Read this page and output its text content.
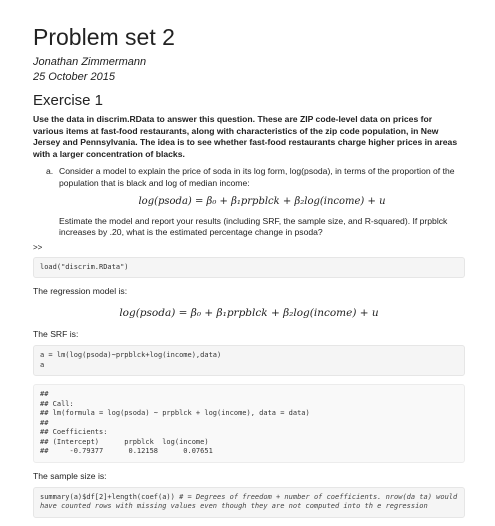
Problem set 2
Jonathan Zimmermann
25 October 2015
Exercise 1

Use the data in discrim.RData to answer this question. These are ZIP code-level data on prices for various items at fast-food restaurants, along with characteristics of the zip code population, in New Jersey and Pennsylvania. The idea is to see whether fast-food restaurants charge higher prices in areas with a larger concentration of blacks.

a. Consider a model to explain the price of soda in its log form, log(psoda), in terms of the proportion of the population that is black and log of median income:

log(psoda) = β₀ + β₁prpblck + β₂log(income) + u

Estimate the model and report your results (including SRF, the sample size, and R-squared). If prpblck increases by .20, what is the estimated percentage change in psoda?

>>
load("discrim.RData")
The regression model is:
log(psoda) = β₀ + β₁prpblck + β₂log(income) + u
The SRF is:
a = lm(log(psoda)~prpblck+log(income),data)
a
##
## Call:
## lm(formula = log(psoda) ~ prpblck + log(income), data = data)
##
## Coefficients:
## (Intercept)      prpblck  log(income)
##     -0.79377      0.12158      0.07651
The sample size is:
summary(a)$df[2]+length(coef(a)) # = Degrees of freedom + number of coefficients. nrow(da ta) would have counted rows with missing values even though they are not computed into th e regression
